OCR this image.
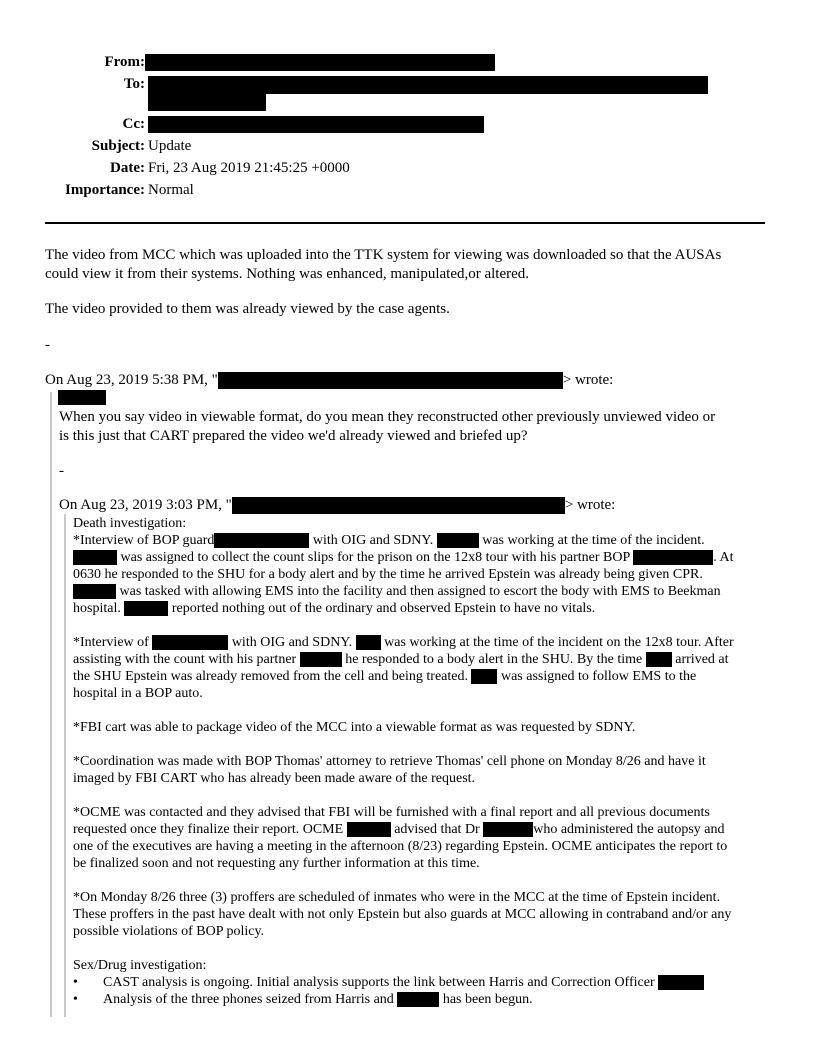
From:
To:
Cc:
Subject: Update
Date: Fri, 23 Aug 2019 21:45:25 +0000
Importance: Normal
The video from MCC which was uploaded into the TTK system for viewing was downloaded so that the AUSAs
could view it from their systems. Nothing was enhanced, manipulated,or altered.
The video provided to them was already viewed by the case agents.
-
On Aug 23, 2019 5:38 PM, "	> wrote:
When you say video in viewable format, do you mean they reconstructed other previously unviewed video or
is this just that CART prepared the video we'd already viewed and briefed up?
-
On Aug 23, 2019 3:03 PM, "	> wrote:

Death investigation:

*Interview of BOP guard	with OIG and SDNY.	was working at the time of the incident.
was assigned to collect the count slips for the prison on the 12x8 tour with his partner BOP	. At
0630 he responded to the SHU for a body alert and by the time he arrived Epstein was already being given CPR.
was tasked with allowing EMS into the facility and then assigned to escort the body with EMS to Beekman
hospital.	reported nothing out of the ordinary and observed Epstein to have no vitals.

*Interview of	with OIG and SDNY.  was working at the time of the incident on the 12x8 tour. After
assisting with the count with his partner	he responded to a body alert in the SHU. By the time  arrived at
the SHU Epstein was already removed from the cell and being treated.  was assigned to follow EMS to the
hospital in a BOP auto.

*FBI cart was able to package video of the MCC into a viewable format as was requested by SDNY.

*Coordination was made with BOP Thomas' attorney to retrieve Thomas' cell phone on Monday 8/26 and have it
imaged by FBI CART who has already been made aware of the request.

*OCME was contacted and they advised that FBI will be furnished with a final report and all previous documents
requested once they finalize their report. OCME	advised that Dr	who administered the autopsy and
one of the executives are having a meeting in the afternoon (8/23) regarding Epstein. OCME anticipates the report to
be finalized soon and not requesting any further information at this time.

*On Monday 8/26 three (3) proffers are scheduled of inmates who were in the MCC at the time of Epstein incident.
These proffers in the past have dealt with not only Epstein but also guards at MCC allowing in contraband and/or any
possible violations of BOP policy.

Sex/Drug investigation:

• CAST analysis is ongoing. Initial analysis supports the link between Harris and Correction Officer

• Analysis of the three phones seized from Harris and	has been begun.
